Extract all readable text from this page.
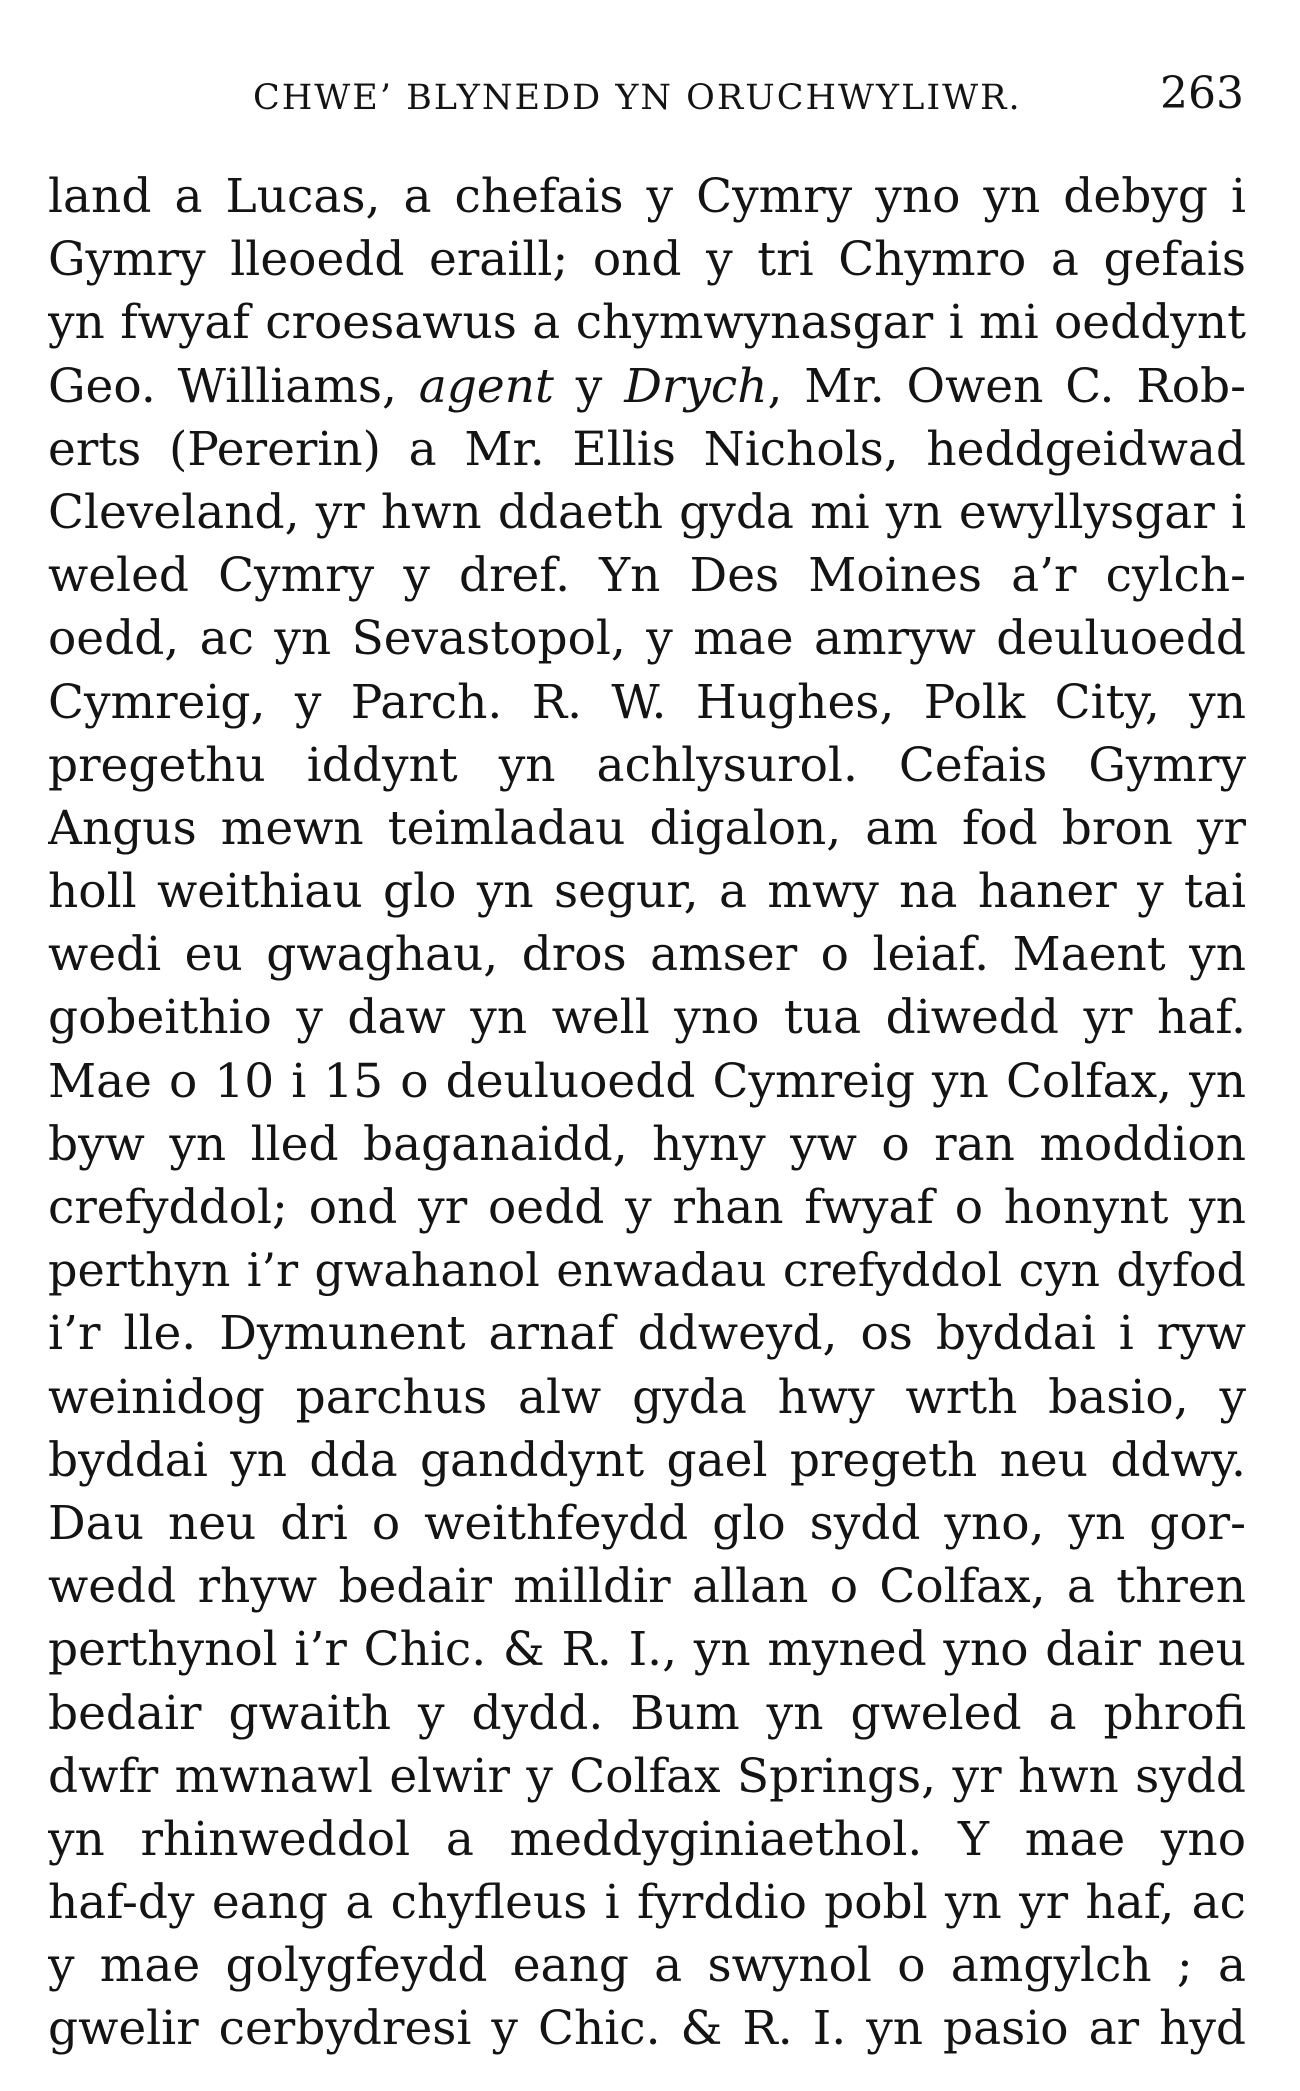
CHWE’ BLYNEDD YN ORUCHWYLIWR.	263
land a Lucas, a chefais y Cymry yno yn debyg i
Gymry lleoedd eraill; ond y tri Chymro a gefais
yn fwyaf croesawus a chymwynasgar i mi oeddynt
Geo. Williams, agent y Drych, Mr. Owen C. Rob-
erts (Pererin) a Mr. Ellis Nichols, heddgeidwad
Cleveland, yr hwn ddaeth gyda mi yn ewyllysgar i
weled Cymry y dref. Yn Des Moines a’r cylch-
oedd, ac yn Sevastopol, y mae amryw deuluoedd
Cymreig, y Parch. R. W. Hughes, Polk City, yn
pregethu iddynt yn achlysurol. Cefais Gymry
Angus mewn teimladau digalon, am fod bron yr
holl weithiau glo yn segur, a mwy na haner y tai
wedi eu gwaghau, dros amser o leiaf. Maent yn
gobeithio y daw yn well yno tua diwedd yr haf.
Mae o 10 i 15 o deuluoedd Cymreig yn Colfax, yn
byw yn lled baganaidd, hyny yw o ran moddion
crefyddol; ond yr oedd y rhan fwyaf o honynt yn
perthyn i’r gwahanol enwadau crefyddol cyn dyfod
i’r lle. Dymunent arnaf ddweyd, os byddai i ryw
weinidog parchus alw gyda hwy wrth basio, y
byddai yn dda ganddynt gael pregeth neu ddwy.
Dau neu dri o weithfeydd glo sydd yno, yn gor-
wedd rhyw bedair milldir allan o Colfax, a thren
perthynol i’r Chic. & R. I., yn myned yno dair neu
bedair gwaith y dydd. Bum yn gweled a phrofi
dwfr mwnawl elwir y Colfax Springs, yr hwn sydd
yn rhinweddol a meddyginiaethol. Y mae yno
haf-dy eang a chyfleus i fyrddio pobl yn yr haf, ac
y mae golygfeydd eang a swynol o amgylch ; a
gwelir cerbydresi y Chic. & R. I. yn pasio ar hyd
